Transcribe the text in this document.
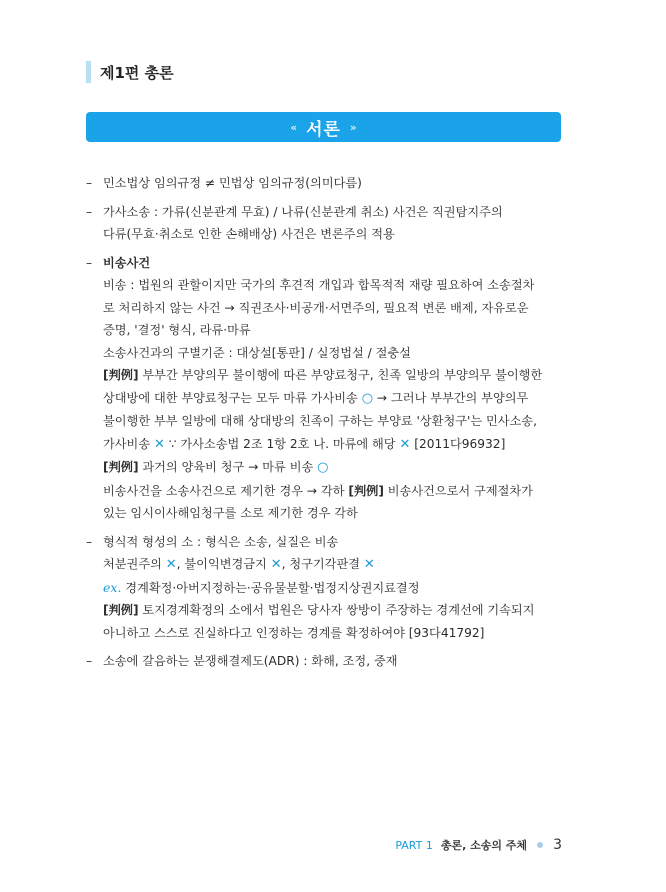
제1편 총론
« 서론 »
– 민소법상 임의규정 ≠ 민법상 임의규정(의미다름)
– 가사소송 : 가류(신분관계 무효) / 나류(신분관계 취소) 사건은 직권탐지주의
다류(무효·취소로 인한 손해배상) 사건은 변론주의 적용
– 비송사건
비송 : 법원의 관할이지만 국가의 후견적 개입과 합목적적 재량 필요하여 소송절차
로 처리하지 않는 사건 → 직권조사·비공개·서면주의, 필요적 변론 배제, 자유로운
증명, '결정' 형식, 라류·마류
소송사건과의 구별기준 : 대상설[통판] / 실정법설 / 절충설
[判例] 부부간 부양의무 불이행에 따른 부양료청구, 친족 일방의 부양의무 불이행한
상대방에 대한 부양료청구는 모두 마류 가사비송 ○ → 그러나 부부간의 부양의무
불이행한 부부 일방에 대해 상대방의 친족이 구하는 부양료 '상환청구'는 민사소송,
가사비송 ✕ ∵ 가사소송법 2조 1항 2호 나. 마류에 해당 ✕ [2011다96932]
[判例] 과거의 양육비 청구 → 마류 비송 ○
비송사건을 소송사건으로 제기한 경우 → 각하 [判例] 비송사건으로서 구제절차가
있는 임시이사해임청구를 소로 제기한 경우 각하
– 형식적 형성의 소 : 형식은 소송, 실질은 비송
처분권주의 ✕, 불이익변경금지 ✕, 청구기각판결 ✕
ex. 경계확정·아버지정하는·공유물분할·법정지상권지료결정
[判例] 토지경계확정의 소에서 법원은 당사자 쌍방이 주장하는 경계선에 기속되지
아니하고 스스로 진실하다고 인정하는 경계를 확정하여야 [93다41792]
– 소송에 갈음하는 분쟁해결제도(ADR) : 화해, 조정, 중재
PART 1 총론, 소송의 주체 3
